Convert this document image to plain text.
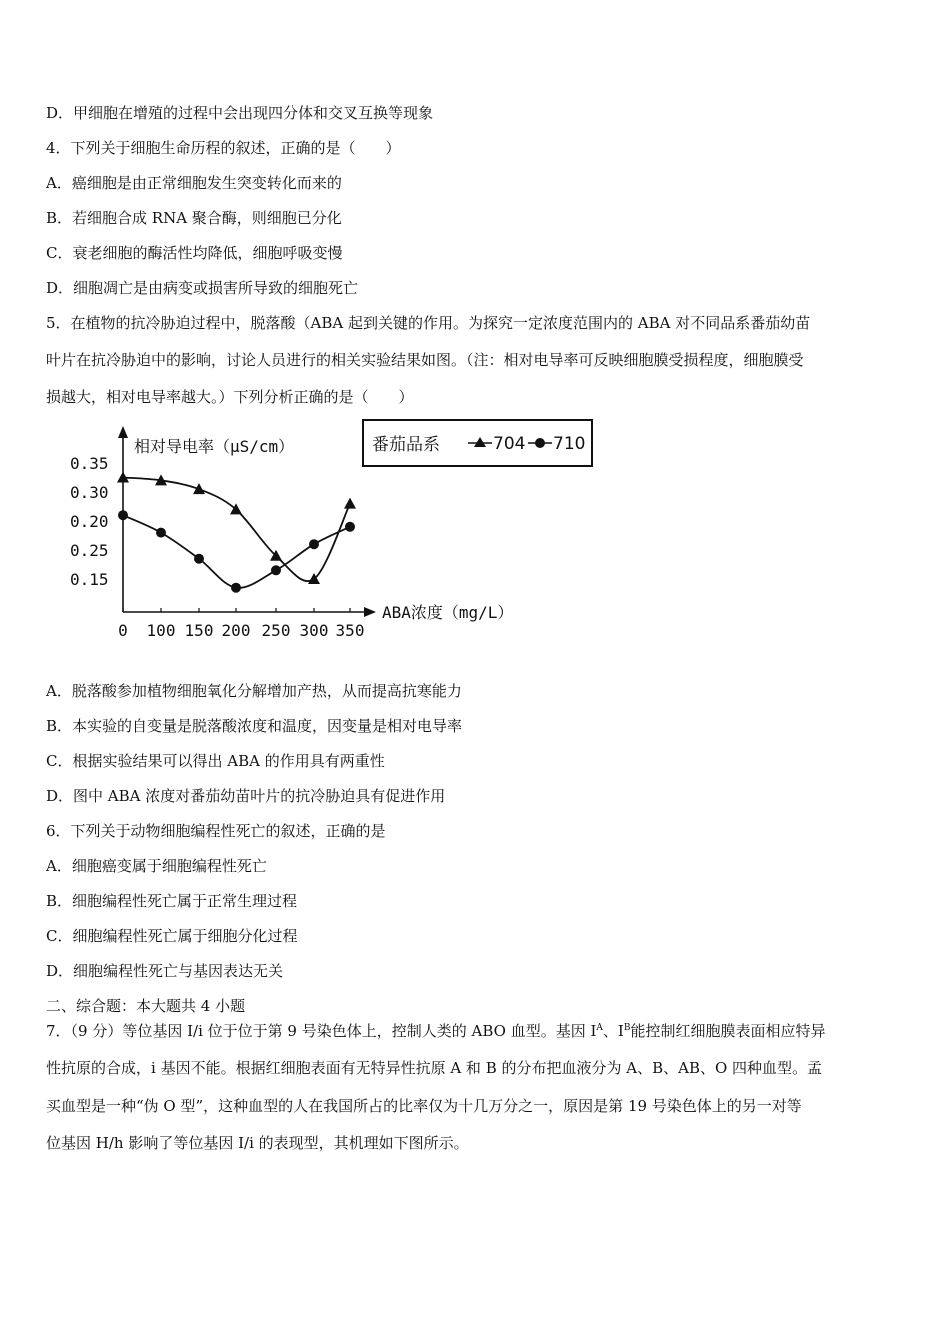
D．甲细胞在增殖的过程中会出现四分体和交叉互换等现象
4．下列关于细胞生命历程的叙述，正确的是（　　）
A．癌细胞是由正常细胞发生突变转化而来的
B．若细胞合成 RNA 聚合酶，则细胞已分化
C．衰老细胞的酶活性均降低，细胞呼吸变慢
D．细胞凋亡是由病变或损害所导致的细胞死亡
5．在植物的抗冷胁迫过程中，脱落酸（ABA 起到关键的作用。为探究一定浓度范围内的 ABA 对不同品系番茄幼苗
叶片在抗冷胁迫中的影响，讨论人员进行的相关实验结果如图。（注：相对电导率可反映细胞膜受损程度，细胞膜受
损越大，相对电导率越大。）下列分析正确的是（　　）
相对导电率（μS/cm）
ABA浓度（mg/L）
0.35
0.30
0.20
0.25
0.15
0 100 150 200 250 300 350
番茄品系	704 710
A．脱落酸参加植物细胞氧化分解增加产热，从而提高抗寒能力
B．本实验的自变量是脱落酸浓度和温度，因变量是相对电导率
C．根据实验结果可以得出 ABA 的作用具有两重性
D．图中 ABA 浓度对番茄幼苗叶片的抗冷胁迫具有促进作用
6．下列关于动物细胞编程性死亡的叙述，正确的是
A．细胞癌变属于细胞编程性死亡
B．细胞编程性死亡属于正常生理过程
C．细胞编程性死亡属于细胞分化过程
D．细胞编程性死亡与基因表达无关
二、综合题：本大题共 4 小题
7．（9 分）等位基因 I/i 位于位于第 9 号染色体上，控制人类的 ABO 血型。基因 $I^A$、$I^B$能控制红细胞膜表面相应特异
性抗原的合成，i 基因不能。根据红细胞表面有无特异性抗原 A 和 B 的分布把血液分为 A、B、AB、O 四种血型。孟
买血型是一种“伪 O 型”，这种血型的人在我国所占的比率仅为十几万分之一，原因是第 19 号染色体上的另一对等
位基因 H/h 影响了等位基因 I/i 的表现型，其机理如下图所示。
